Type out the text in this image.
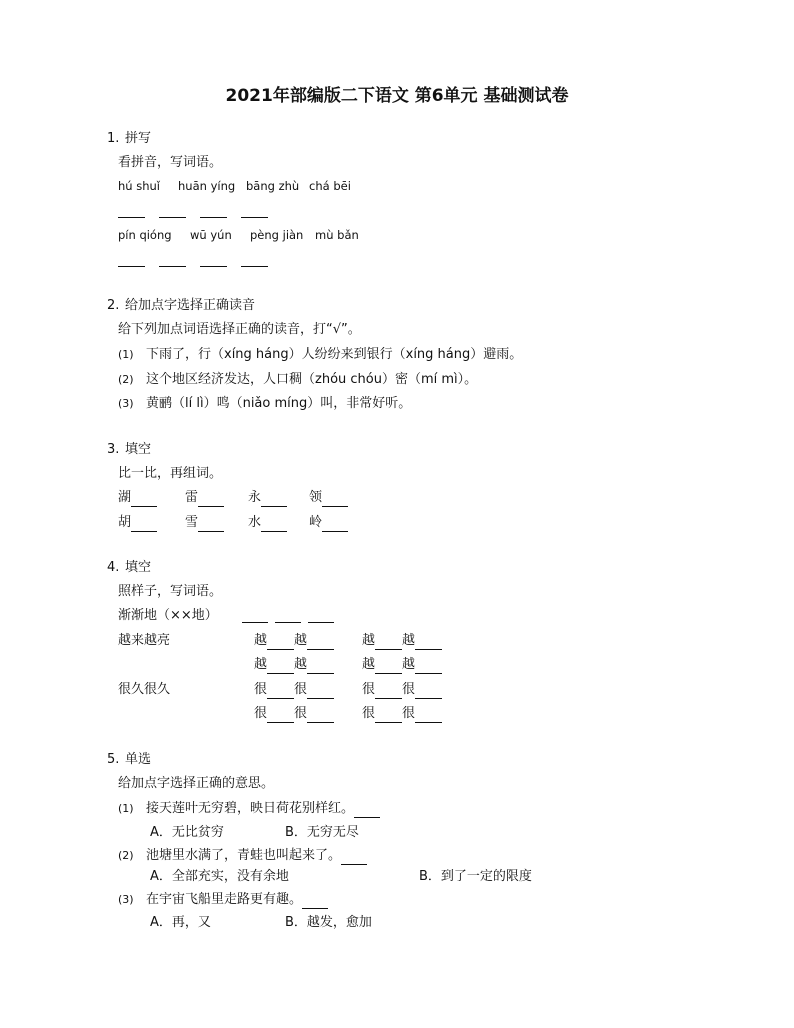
2021年部编版二下语文 第6单元 基础测试卷
1. 拼写
看拼音，写词语。
hú shuǐ huān yíng bāng zhù chá bēi
pín qióng wū yún pèng jiàn mù bǎn
2. 给加点字选择正确读音
给下列加点词语选择正确的读音，打“√”。
(1) 下雨了，行（xíng háng）人纷纷来到银行（xíng háng）避雨。
(2) 这个地区经济发达，人口稠（zhóu chóu）密（mí mì）。
(3) 黄鹂（lí lì）鸣（niǎo míng）叫，非常好听。
3. 填空
比一比，再组词。
湖	雷	永	领
胡	雪	水	岭
4. 填空
照样子，写词语。
渐渐地（××地）
越来越亮	越 越	越 越
越 越	越 越
很久很久	很 很	很 很
很 很	很 很
5. 单选
给加点字选择正确的意思。
(1) 接天莲叶无穷碧，映日荷花别样红。
A．无比贫穷	B．无穷无尽
(2) 池塘里水满了，青蛙也叫起来了。
A．全部充实，没有余地	B．到了一定的限度
(3) 在宇宙飞船里走路更有趣。
A．再，又	B．越发，愈加
